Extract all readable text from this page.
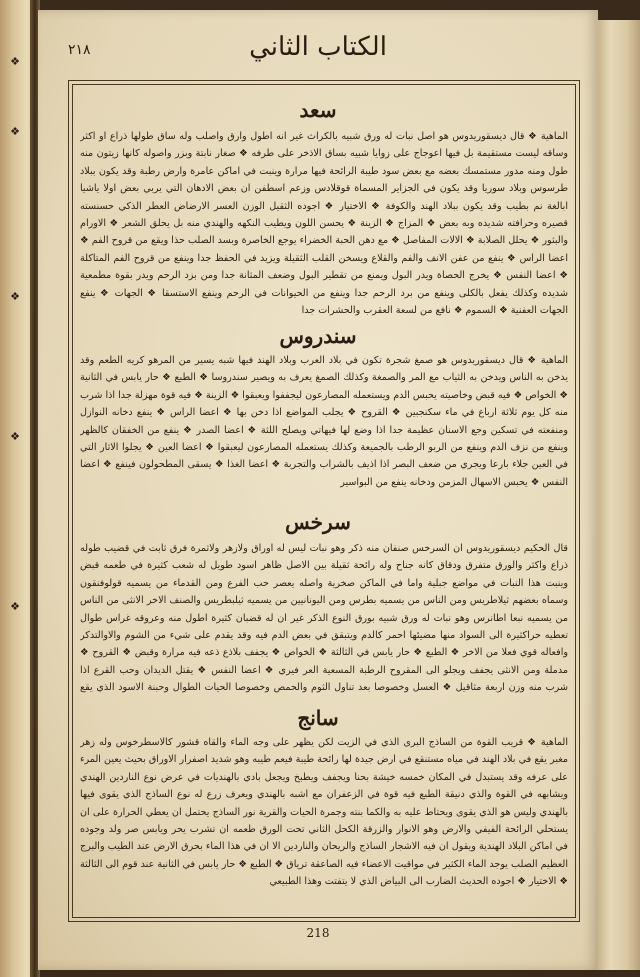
❖
❖
❖
❖
❖
٢١٨	الكتاب الثاني
سعد
الماهية ❖ قال ديسقوريدوس هو اصل نبات له ورق شبيه بالكراث غير انه اطول وارق واصلب وله ساق طولها ذراع او اكثر وساقه ليست مستقيمة بل فيها اعوجاج على زوايا شبيه بساق الاذخر على طرفه ❖ صغار نابتة وبزر واصوله كانها زيتون منه طول ومنه مدور مستمسك بعضه مع بعض سود طيبة الرائحة فيها مرارة وينبت في اماكن عامرة وارض رطبة وقد يكون ببلاد طرسوس وبلاد سوريا وقد يكون في الجزاير المسماة قوقلادس وزعم اسطفن ان بعض الادهان التي يربي بعض اولا ياشيا ابالغة نم بطيب وقد يكون ببلاد الهند والكوفة ❖ الاختيار ❖ اجوده الثقيل الوزن العسر الارضاض العطر الذكي حسنسته قصيره وحرافته شديده وبه بعض ❖ المزاج ❖ الزينة ❖ يحسن اللون ويطيب النكهه والهندي منه بل يحلق الشعر ❖ الاورام والبثور ❖ يحلل الصلابة ❖ الالات المفاصل ❖ مع دهن الحبة الخضراء يوجع الخاصرة وبسد الصلب حذا ويقع من قروح الفم ❖ اعضا الراس ❖ ينفع من عفن الانف والفم والقلاع ويسخن القلب الثقيلة ويزيد في الحفظ جدا وينفع من قروح الفم المتاكلة ❖ اعضا النفس ❖ يخرج الحصاة ويدر البول ويمنع من تقطير البول وضعف المثانة جدا ومن بزد الرحم ويدر بقوة مطمعية شديده وكذلك يفعل بالكلى وينفع من برد الرحم جدا وينفع من الحيوانات في الرحم وينفع الاستسقا ❖ الجهات ❖ ينفع الجهات العفنية ❖ السموم ❖ نافع من لسعة العقرب والحشرات جدا
سندروس
الماهية ❖ قال ديسقوريدوس هو صمغ شجرة تكون في بلاد العرب وبلاد الهند فيها شبه يسير من المرهو كريه الطعم وقد يدخن به الناس ويدخن به الثياب مع المر والصمغة وكذلك الصمغ يعرف به ويصير سندروسا ❖ الطبع ❖ حار يابس في الثانية ❖ الخواص ❖ فيه قبض وخاصيته يحبس الدم ويستعمله المصارعون ليجففوا ويعبقوا ❖ الزينة ❖ فيه قوة مهزلة جدا اذا شرب منه كل يوم ثلاثة ارباع في ماء سكنجبين ❖ القروح ❖ يجلب المواضع اذا دخن بها ❖ اعضا الراس ❖ ينفع دخانه النوازل ومنفعته في تسكين وجع الاسنان عظيمة جدا اذا وضع لها فيهاتي ويصلح اللثة ❖ اعضا الصدر ❖ ينفع من الخفقان كالظهر وينفع من نزف الدم وينفع من الربو الرطب بالجميعة وكذلك يستعمله المصارعون ليعبقوا ❖ اعضا العين ❖ يجلوا الاثار التي في العين جلاء بارعا ويجري من ضعف البصر اذا اذيف بالشراب والتجربة ❖ اعضا الغذا ❖ يسقى المطحولون فينفع ❖ اعضا النفس ❖ يحبس الاسهال المزمن ودخانه ينفع من البواسير
سرخس
قال الحكيم ديسقوريدوس ان السرخس صنفان منه ذكر وهو نبات ليس له اوراق ولازهر ولاثمرة فرق ثابت في قضيب طوله ذراع واكثر والورق متفرق ودقاق كانه جناح وله رائحة ثقيلة بين الاصل ظاهر اسود طويل له شعب كثيرة في طعمه قبض وينبت هذا النبات في مواضع جبلية واما في الماكن صخرية واصله يعصر حب الفرع ومن القدماء من يسميه قولوفنقون وسماه بعضهم ثيلاطريس ومن الناس من يسميه بطرس ومن اليونانيين من يسميه ثيلبطريس والصنف الاخر الانثى من الناس من يسميه نبعا اطانرس وهو نبات له ورق شبيه بورق النوع الذكر غير ان له قضبان كثيرة اطول منه وعروقه غراس طوال تعطيه حراكثيرة الى السواد منها مضيئها احمر كالدم ويتبقق في بعض الدم فيه وقد يقدم على شيء من الشوم والاوالتدكر وافعاله قوي فعلا من الاخر ❖ الطبع ❖ حار يابس في الثالثة ❖ الخواص ❖ يجفف بلاذع ذعه فيه مرارة وقبض ❖ القروح ❖ مدملة ومن الانثى يجفف ويجلو الى المقروح الرطبة المسعية العر فيري ❖ اعضا النفس ❖ يقتل الديدان وحب القرع اذا شرب منه وزن اربعة مثاقيل ❖ العسل وخصوصا بعد تناول الثوم والحمص وخصوصا الحيات الطوال وحبنة الاسود الذي يقع
سانج
الماهية ❖ قريب القوة من الساذج البرى الذي في الزيت لكن يظهر على وجه الماء والقاه قشور كالاسطرخوس وله زهر مغبر يقع في بلاد الهند في مياه مستنقع في ارض جيدة لها رائحة طيبة فيعم طيبه وهو شديد اصفرار الاوراق بحيث يعين المرء على عرفه وقد يستبدل في المكان خمسه خيشة بحنا ويجفف ويطبخ ويجعل بادي بالهنديات في عرض نوع الناردين الهندي ويشابهه في القوة والذي دنيقة الطبع فيه قوة في الزعفران مع اشبه بالهندي ويعرف زرع له نوع الساذج الذي يقوى فيها بالهندي وليس هو الذي يقوى ويحتاط عليه به والكما بنته وجمرة الحيات والقرية نور الساذج يحتمل ان يعطي الحرارة على ان يستحلي الرائحة الفيفي والارض وهو الانوار والزرقة الكحل الثاني تحت الورق طعمه ان تشرب يحر ويابس صر ولد وجوده في اماكن البلاد الهندية ويقول ان فيه الاشجار الساذج والريحان والناردين الا ان في هذا الماء بحرق الارض عند الطيب والبرج العظيم الصلب يوجد الماء الكثير في مواقيت الاعضاء فيه الصاعقة ترياق ❖ الطبع ❖ حار يابس في الثانية عند قوم الى الثالثة ❖ الاختيار ❖ اجوده الحديث الضارب الى البياض الذي لا يتفتت وهذا الطبيعي
218
